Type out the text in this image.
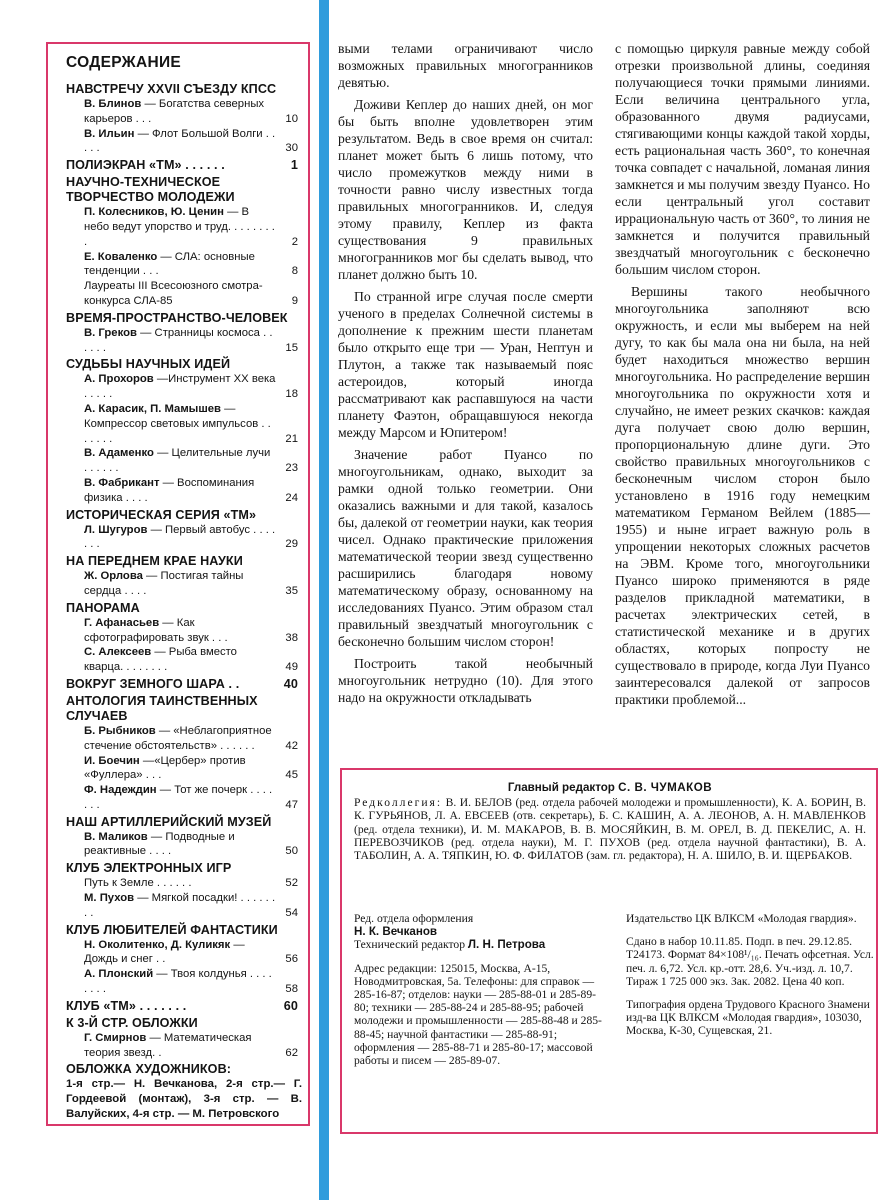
СОДЕРЖАНИЕ
НАВСТРЕЧУ XXVII СЪЕЗДУ КПСС
В. Блинов — Богатства северных карьеров . . .	10
В. Ильин — Флот Большой Волги . . . . .	30
ПОЛИЭКРАН «ТМ» . . . . . .	1
НАУЧНО-ТЕХНИЧЕСКОЕ ТВОРЧЕСТВО МОЛОДЕЖИ
П. Колесников, Ю. Ценин — В небо ведут упорство и труд. . . . . . . . .	2
Е. Коваленко — СЛА: основные тенденции . . .	8
Лауреаты III Всесоюзного смотра-конкурса СЛА-85	9
ВРЕМЯ-ПРОСТРАНСТВО-ЧЕЛОВЕК
В. Греков — Странницы космоса . . . . . .	15
СУДЬБЫ НАУЧНЫХ ИДЕЙ
А. Прохоров —Инструмент XX века . . . . .	18
А. Карасик, П. Мамышев — Компрессор световых импульсов . . . . . . .	21
В. Адаменко — Целительные лучи . . . . . .	23
В. Фабрикант — Воспоминания физика . . . .	24
ИСТОРИЧЕСКАЯ СЕРИЯ «ТМ»
Л. Шугуров — Первый автобус . . . . . . .	29
НА ПЕРЕДНЕМ КРАЕ НАУКИ
Ж. Орлова — Постигая тайны сердца . . . .	35
ПАНОРАМА
Г. Афанасьев — Как сфотографировать звук . . .	38
С. Алексеев — Рыба вместо кварца. . . . . . . .	49
ВОКРУГ ЗЕМНОГО ШАРА . .	40
АНТОЛОГИЯ ТАИНСТВЕННЫХ СЛУЧАЕВ
Б. Рыбников — «Неблагоприятное стечение обстоятельств» . . . . . .	42
И. Боечин —«Цербер» против «Фуллера» . . .	45
Ф. Надеждин — Тот же почерк . . . . . . .	47
НАШ АРТИЛЛЕРИЙСКИЙ МУЗЕЙ
В. Маликов — Подводные и реактивные . . . .	50
КЛУБ ЭЛЕКТРОННЫХ ИГР
Путь к Земле . . . . . .	52
М. Пухов — Мягкой посадки! . . . . . . . .	54
КЛУБ ЛЮБИТЕЛЕЙ ФАНТАСТИКИ
Н. Околитенко, Д. Куликяк — Дождь и снег . .	56
А. Плонский — Твоя колдунья . . . . . . . .	58
КЛУБ «ТМ» . . . . . . .	60
К 3-Й СТР. ОБЛОЖКИ
Г. Смирнов — Математическая теория звезд. .	62
ОБЛОЖКА ХУДОЖНИКОВ:
1-я стр.— Н. Вечканова, 2-я стр.— Г. Гордеевой (монтаж), 3-я стр. — В. Валуйских, 4-я стр. — М. Петровского

выми телами ограничивают число возможных правильных многогранников девятью.

Доживи Кеплер до наших дней, он мог бы быть вполне удовлетворен этим результатом. Ведь в свое время он считал: планет может быть 6 лишь потому, что число промежутков между ними в точности равно числу известных тогда правильных многогранников. И, следуя этому правилу, Кеплер из факта существования 9 правильных многогранников мог бы сделать вывод, что планет должно быть 10.

По странной игре случая после смерти ученого в пределах Солнечной системы в дополнение к прежним шести планетам было открыто еще три — Уран, Нептун и Плутон, а также так называемый пояс астероидов, который иногда рассматривают как распавшуюся на части планету Фаэтон, обращавшуюся некогда между Марсом и Юпитером!

Значение работ Пуансо по многоугольникам, однако, выходит за рамки одной только геометрии. Они оказались важными и для такой, казалось бы, далекой от геометрии науки, как теория чисел. Однако практические приложения математической теории звезд существенно расширились благодаря новому математическому образу, основанному на исследованиях Пуансо. Этим образом стал правильный звездчатый многоугольник с бесконечно большим числом сторон!

Построить такой необычный многоугольник нетрудно (10). Для этого надо на окружности откладывать

с помощью циркуля равные между собой отрезки произвольной длины, соединяя получающиеся точки прямыми линиями. Если величина центрального угла, образованного двумя радиусами, стягивающими концы каждой такой хорды, есть рациональная часть 360°, то конечная точка совпадет с начальной, ломаная линия замкнется и мы получим звезду Пуансо. Но если центральный угол составит иррациональную часть от 360°, то линия не замкнется и получится правильный звездчатый многоугольник с бесконечно большим числом сторон.

Вершины такого необычного многоугольника заполняют всю окружность, и если мы выберем на ней дугу, то как бы мала она ни была, на ней будет находиться множество вершин многоугольника. Но распределение вершин многоугольника по окружности хотя и случайно, не имеет резких скачков: каждая дуга получает свою долю вершин, пропорциональную длине дуги. Это свойство правильных многоугольников с бесконечным числом сторон было установлено в 1916 году немецким математиком Германом Вейлем (1885—1955) и ныне играет важную роль в упрощении некоторых сложных расчетов на ЭВМ. Кроме того, многоугольники Пуансо широко применяются в ряде разделов прикладной математики, в расчетах электрических сетей, в статистической механике и в других областях, которых попросту не существовало в природе, когда Луи Пуансо заинтересовался далекой от запросов практики проблемой...

Главный редактор С. В. ЧУМАКОВ
Редколлегия: В. И. БЕЛОВ (ред. отдела рабочей молодежи и промышленности), К. А. БОРИН, В. К. ГУРЬЯНОВ, Л. А. ЕВСЕЕВ (отв. секретарь), Б. С. КАШИН, А. А. ЛЕОНОВ, А. Н. МАВЛЕНКОВ (ред. отдела техники), И. М. МАКАРОВ, В. В. МОСЯЙКИН, В. М. ОРЕЛ, В. Д. ПЕКЕЛИС, А. Н. ПЕРЕВОЗЧИКОВ (ред. отдела науки), М. Г. ПУХОВ (ред. отдела научной фантастики), В. А. ТАБОЛИН, А. А. ТЯПКИН, Ю. Ф. ФИЛАТОВ (зам. гл. редактора), Н. А. ШИЛО, В. И. ЩЕРБАКОВ.

Ред. отдела оформления
Н. К. Вечканов
Технический редактор Л. Н. Петрова

Адрес редакции: 125015, Москва, А-15, Новодмитровская, 5а. Телефоны: для справок — 285-16-87; отделов: науки — 285-88-01 и 285-89-80; техники — 285-88-24 и 285-88-95; рабочей молодежи и промышленности — 285-88-48 и 285-88-45; научной фантастики — 285-88-91; оформления — 285-88-71 и 285-80-17; массовой работы и писем — 285-89-07.

Издательство ЦК ВЛКСМ «Молодая гвардия».

Сдано в набор 10.11.85. Подп. в печ. 29.12.85. Т24173. Формат 84×108¹/₁₆. Печать офсетная. Усл. печ. л. 6,72. Усл. кр.-отт. 28,6. Уч.-изд. л. 10,7. Тираж 1 725 000 экз. Зак. 2082. Цена 40 коп.

Типография ордена Трудового Красного Знамени изд-ва ЦК ВЛКСМ «Молодая гвардия», 103030, Москва, К-30, Сущевская, 21.
